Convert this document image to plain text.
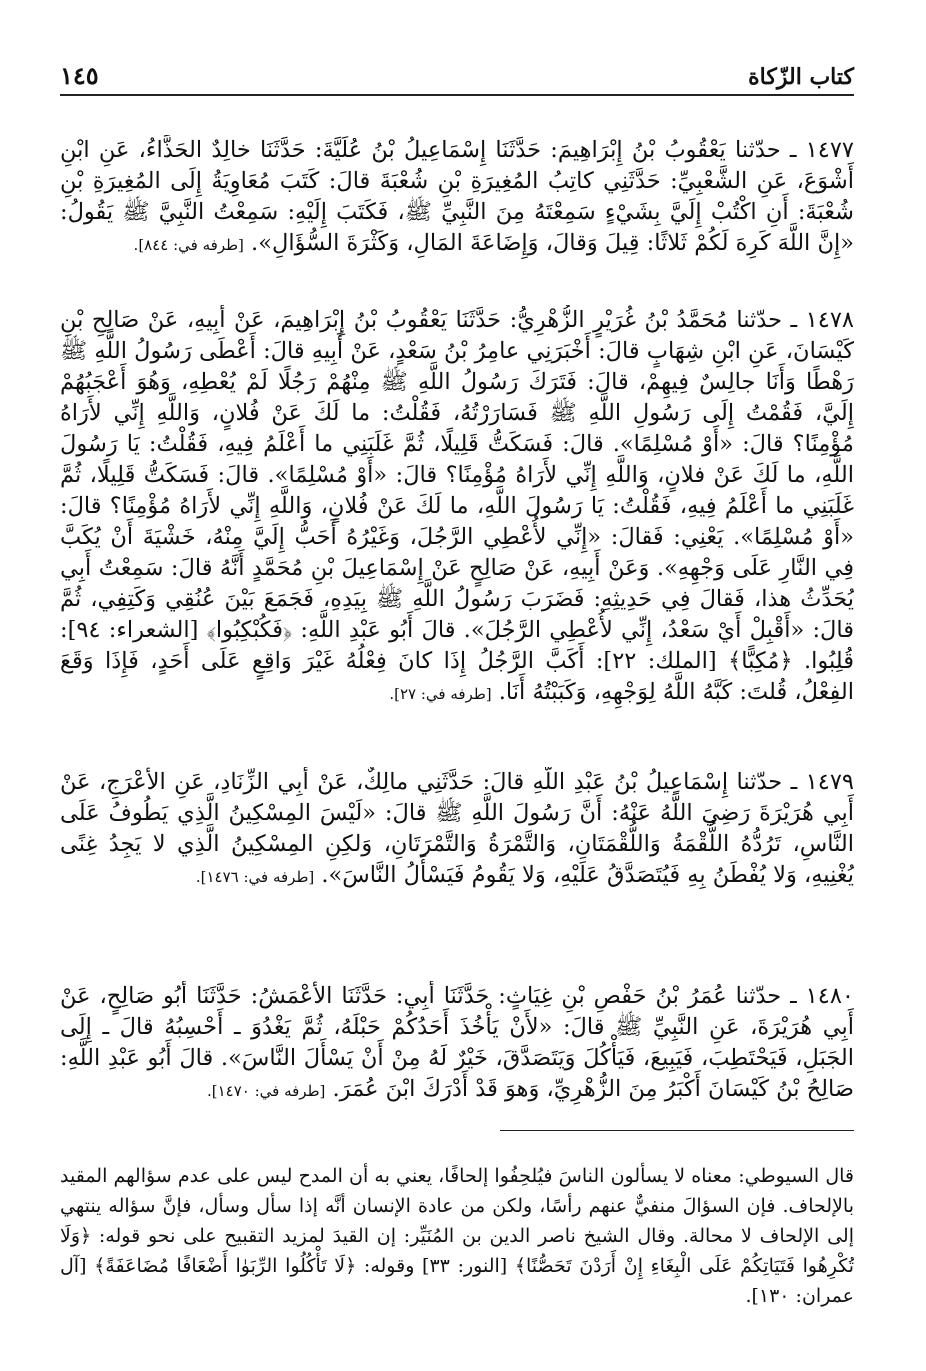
كتاب الزّكاة
١٤٥

١٤٧٧ ـ حدّثنا يَعْقُوبُ بْنُ إِبْرَاهِيمَ: حَدَّثَنَا إِسْمَاعِيلُ بْنُ عُلَيَّةَ: حَدَّثَنَا خالِدٌ الحَذَّاءُ، عَنِ ابْنِ أَشْوَعَ، عَنِ الشَّعْبِيِّ: حَدَّثَنِي كاتِبُ المُغِيرَةِ بْنِ شُعْبَةَ قالَ: كَتَبَ مُعَاوِيَةُ إِلَى المُغِيرَةِ بْنِ شُعْبَةَ: أَنِ اكْتُبْ إِلَيَّ بِشَيْءٍ سَمِعْتَهُ مِنَ النَّبِيِّ ﷺ، فَكَتَبَ إِلَيْهِ: سَمِعْتُ النَّبِيَّ ﷺ يَقُولُ: «إِنَّ اللَّهَ كَرِهَ لَكُمْ ثَلاثًا: قِيلَ وَقالَ، وَإِضَاعَةَ المَالِ، وَكَثْرَةَ السُّؤَالِ». [طرفه في: ٨٤٤].

١٤٧٨ ـ حدّثنا مُحَمَّدُ بْنُ غُرَيْرٍ الزُّهْرِيُّ: حَدَّثَنَا يَعْقُوبُ بْنُ إِبْرَاهِيمَ، عَنْ أَبِيهِ، عَنْ صَالِحِ بْنِ كَيْسَانَ، عَنِ ابْنِ شِهَابٍ قالَ: أَخْبَرَنِي عامِرُ بْنُ سَعْدٍ، عَنْ أَبِيهِ قالَ: أَعْطَى رَسُولُ اللَّهِ ﷺ رَهْطًا وَأَنَا جالِسٌ فِيهِمْ، قالَ: فَتَرَكَ رَسُولُ اللَّهِ ﷺ مِنْهُمْ رَجُلًا لَمْ يُعْطِهِ، وَهُوَ أَعْجَبُهُمْ إِلَيَّ، فَقُمْتُ إِلَى رَسُولِ اللَّهِ ﷺ فَسَارَرْتُهُ، فَقُلْتُ: ما لَكَ عَنْ فُلانٍ، وَاللَّهِ إِنِّي لأَرَاهُ مُؤْمِنًا؟ قالَ: «أَوْ مُسْلِمًا». قالَ: فَسَكَتُّ قَلِيلًا، ثُمَّ غَلَبَنِي ما أَعْلَمُ فِيهِ، فَقُلْتُ: يَا رَسُولَ اللَّهِ، ما لَكَ عَنْ فلانٍ، وَاللَّهِ إِنِّي لأَرَاهُ مُؤْمِنًا؟ قالَ: «أَوْ مُسْلِمًا». قالَ: فَسَكَتُّ قَلِيلًا، ثُمَّ غَلَبَنِي ما أَعْلَمُ فِيهِ، فَقُلْتُ: يَا رَسُولَ اللَّهِ، ما لَكَ عَنْ فُلانٍ، وَاللَّهِ إِنِّي لأَرَاهُ مُؤْمِنًا؟ قالَ: «أَوْ مُسْلِمًا». يَعْنِي: فَقالَ: «إِنِّي لأُعْطِي الرَّجُلَ، وَغَيْرُهُ أَحَبُّ إِلَيَّ مِنْهُ، خَشْيَةَ أَنْ يُكَبَّ فِي النَّارِ عَلَى وَجْهِهِ». وَعَنْ أَبِيهِ، عَنْ صَالِحٍ عَنْ إِسْمَاعِيلَ بْنِ مُحَمَّدٍ أَنَّهُ قالَ: سَمِعْتُ أَبِي يُحَدِّثُ هذا، فَقالَ فِي حَدِيثِهِ: فَضَرَبَ رَسُولُ اللَّهِ ﷺ بِيَدِهِ، فَجَمَعَ بَيْنَ عُنُقِي وَكَتِفِي، ثُمَّ قالَ: «أَقْبِلْ أَيْ سَعْدُ، إِنِّي لأُعْطِي الرَّجُلَ». قالَ أَبُو عَبْدِ اللَّهِ: ﴿فَكُبْكِبُوا﴾ [الشعراء: ٩٤]: قُلِبُوا. ﴿مُكِبًّا﴾ [الملك: ٢٢]: أَكَبَّ الرَّجُلُ إِذَا كانَ فِعْلُهُ غَيْرَ وَاقِعٍ عَلَى أَحَدٍ، فَإِذَا وَقَعَ الفِعْلُ، قُلتَ: كَبَّهُ اللَّهُ لِوَجْهِهِ، وَكَبَبْتُهُ أَنَا. [طرفه في: ٢٧].

١٤٧٩ ـ حدّثنا إِسْمَاعِيلُ بْنُ عَبْدِ اللَّهِ قالَ: حَدَّثَنِي مالِكٌ، عَنْ أَبِي الزِّنَادِ، عَنِ الأَعْرَجِ، عَنْ أَبِي هُرَيْرَةَ رَضِيَ اللَّهُ عَنْهُ: أَنَّ رَسُولَ اللَّهِ ﷺ قالَ: «لَيْسَ المِسْكِينُ الَّذِي يَطُوفُ عَلَى النَّاسِ، تَرُدُّهُ اللُّقْمَةُ وَاللُّقْمَتَانِ، وَالتَّمْرَةُ وَالتَّمْرَتَانِ، وَلكِنِ المِسْكِينُ الَّذِي لا يَجِدُ غِنًى يُغْنِيهِ، وَلا يُفْطَنُ بِهِ فَيُتَصَدَّقُ عَلَيْهِ، وَلا يَقُومُ فَيَسْأَلُ النَّاسَ». [طرفه في: ١٤٧٦].

١٤٨٠ ـ حدّثنا عُمَرُ بْنُ حَفْصِ بْنِ غِيَاثٍ: حَدَّثَنَا أَبِي: حَدَّثَنَا الأَعْمَشُ: حَدَّثَنَا أَبُو صَالِحٍ، عَنْ أَبِي هُرَيْرَةَ، عَنِ النَّبِيِّ ﷺ قالَ: «لأَنْ يَأْخُذَ أَحَدُكُمْ حَبْلَهُ، ثُمَّ يَغْدُوَ ـ أَحْسِبُهُ قالَ ـ إِلَى الجَبَلِ، فَيَحْتَطِبَ، فَيَبِيعَ، فَيَأْكُلَ وَيَتَصَدَّقَ، خَيْرٌ لَهُ مِنْ أَنْ يَسْأَلَ النَّاسَ». قالَ أَبُو عَبْدِ اللَّهِ: صَالِحُ بْنُ كَيْسَانَ أَكْبَرُ مِنَ الزُّهْرِيِّ، وَهوَ قَدْ أَدْرَكَ ابْنَ عُمَرَ. [طرفه في: ١٤٧٠].

قال السيوطي: معناه لا يسألون الناسَ فيُلحِفُوا إلحافًا، يعني به أن المدح ليس على عدم سؤالهم المقيد بالإلحاف. فإن السؤالَ منفيٌّ عنهم رأسًا، ولكن من عادة الإنسان أنَّه إذا سأل وسأل، فإنَّ سؤاله ينتهي إلى الإلحاف لا محالة. وقال الشيخ ناصر الدين بن المُنَيِّر: إن القيدَ لمزيد التقبيح على نحو قوله: ﴿وَلَا تُكْرِهُوا فَتَيَاتِكُمْ عَلَى الْبِغَاءِ إِنْ أَرَدْنَ تَحَصُّنًا﴾ [النور: ٣٣] وقوله: ﴿لَا تَأْكُلُوا الرِّبَوٰا أَضْعَافًا مُضَاعَفَةً﴾ [آل عمران: ١٣٠].
